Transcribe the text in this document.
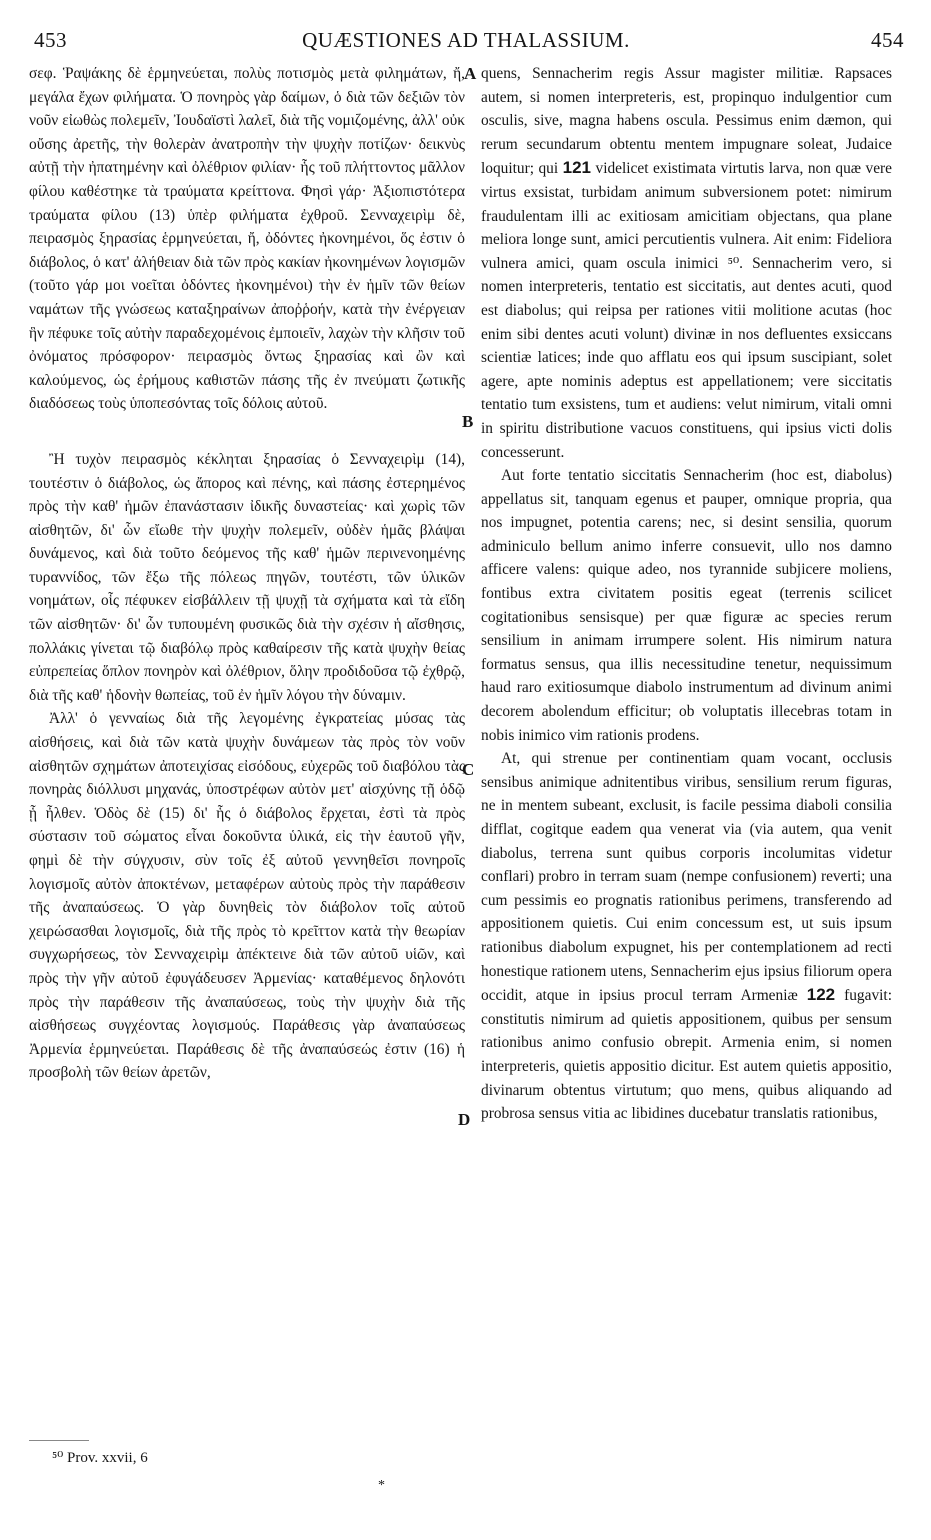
453	QUÆSTIONES AD THALASSIUM.	454

σεφ. Ῥαψάκης δὲ ἑρμηνεύεται, πολὺς ποτισμὸς μετὰ φιλημάτων, ἤ, μεγάλα ἔχων φιλήματα. Ὁ πονηρὸς γὰρ δαίμων, ὁ διὰ τῶν δεξιῶν τὸν νοῦν εἰωθὼς πολεμεῖν, Ἰουδαϊστὶ λαλεῖ, διὰ τῆς νομιζομένης, ἀλλ' οὐκ οὔσης ἀρετῆς, τὴν θολερὰν ἀνατροπὴν τὴν ψυχὴν ποτίζων· δεικνὺς αὐτῇ τὴν ἠπατημένην καὶ ὀλέθριον φιλίαν· ἧς τοῦ πλήττοντος μᾶλλον φίλου καθέστηκε τὰ τραύματα κρείττονα. Φησὶ γάρ· Ἀξιοπιστότερα τραύματα φίλου (13) ὑπὲρ φιλήματα ἐχθροῦ. Σενναχειρὶμ δὲ, πειρασμὸς ξηρασίας ἑρμηνεύεται, ἤ, ὀδόντες ἠκονημένοι, ὅς ἐστιν ὁ διάβολος, ὁ κατ' ἀλήθειαν διὰ τῶν πρὸς κακίαν ἠκονημένων λογισμῶν (τοῦτο γάρ μοι νοεῖται ὀδόντες ἠκονημένοι) τὴν ἐν ἡμῖν τῶν θείων ναμάτων τῆς γνώσεως καταξηραίνων ἀποῤῥοήν, κατὰ τὴν ἐνέργειαν ἣν πέφυκε τοῖς αὐτὴν παραδεχομένοις ἐμποιεῖν, λαχὼν τὴν κλῆσιν τοῦ ὀνόματος πρόσφορον· πειρασμὸς ὄντως ξηρασίας καὶ ὢν καὶ καλούμενος, ὡς ἐρήμους καθιστῶν πάσης τῆς ἐν πνεύματι ζωτικῆς διαδόσεως τοὺς ὑποπεσόντας τοῖς δόλοις αὐτοῦ.

Ἢ τυχὸν πειρασμὸς κέκληται ξηρασίας ὁ Σενναχειρὶμ (14), τουτέστιν ὁ διάβολος, ὡς ἄπορος καὶ πένης, καὶ πάσης ἐστερημένος πρὸς τὴν καθ' ἡμῶν ἐπανάστασιν ἰδικῆς δυναστείας· καὶ χωρὶς τῶν αἰσθητῶν, δι' ὧν εἴωθε τὴν ψυχὴν πολεμεῖν, οὐδὲν ἡμᾶς βλάψαι δυνάμενος, καὶ διὰ τοῦτο δεόμενος τῆς καθ' ἡμῶν περινενοημένης τυραννίδος, τῶν ἔξω τῆς πόλεως πηγῶν, τουτέστι, τῶν ὑλικῶν νοημάτων, οἷς πέφυκεν εἰσβάλλειν τῇ ψυχῇ τὰ σχήματα καὶ τὰ εἴδη τῶν αἰσθητῶν· δι' ὧν τυπουμένη φυσικῶς διὰ τὴν σχέσιν ἡ αἴσθησις, πολλάκις γίνεται τῷ διαβόλῳ πρὸς καθαίρεσιν τῆς κατὰ ψυχὴν θείας εὐπρεπείας ὅπλον πονηρὸν καὶ ὀλέθριον, ὅλην προδιδοῦσα τῷ ἐχθρῷ, διὰ τῆς καθ' ἡδονὴν θωπείας, τοῦ ἐν ἡμῖν λόγου τὴν δύναμιν.

Ἀλλ' ὁ γενναίως διὰ τῆς λεγομένης ἐγκρατείας μύσας τὰς αἰσθήσεις, καὶ διὰ τῶν κατὰ ψυχὴν δυνάμεων τὰς πρὸς τὸν νοῦν αἰσθητῶν σχημάτων ἀποτειχίσας εἰσόδους, εὐχερῶς τοῦ διαβόλου τὰς πονηρὰς διόλλυσι μηχανάς, ὑποστρέφων αὐτὸν μετ' αἰσχύνης τῇ ὁδῷ ᾗ ἦλθεν. Ὁδὸς δὲ (15) δι' ἧς ὁ διάβολος ἔρχεται, ἐστὶ τὰ πρὸς σύστασιν τοῦ σώματος εἶναι δοκοῦντα ὑλικά, εἰς τὴν ἑαυτοῦ γῆν, φημὶ δὲ τὴν σύγχυσιν, σὺν τοῖς ἐξ αὐτοῦ γεννηθεῖσι πονηροῖς λογισμοῖς αὐτὸν ἀποκτένων, μεταφέρων αὐτοὺς πρὸς τὴν παράθεσιν τῆς ἀναπαύσεως. Ὁ γὰρ δυνηθεὶς τὸν διάβολον τοῖς αὐτοῦ χειρώσασθαι λογισμοῖς, διὰ τῆς πρὸς τὸ κρεῖττον κατὰ τὴν θεωρίαν συγχωρήσεως, τὸν Σενναχειρὶμ ἀπέκτεινε διὰ τῶν αὐτοῦ υἱῶν, καὶ πρὸς τὴν γῆν αὐτοῦ ἐφυγάδευσεν Ἀρμενίας· καταθέμενος δηλονότι πρὸς τὴν παράθεσιν τῆς ἀναπαύσεως, τοὺς τὴν ψυχὴν διὰ τῆς αἰσθήσεως συγχέοντας λογισμούς. Παράθεσις γὰρ ἀναπαύσεως Ἀρμενία ἑρμηνεύεται. Παράθεσις δὲ τῆς ἀναπαύσεώς ἐστιν (16) ἡ προσβολὴ τῶν θείων ἀρετῶν,

A
B
C
D

quens, Sennacherim regis Assur magister militiæ. Rapsaces autem, si nomen interpreteris, est, propinquo indulgentior cum osculis, sive, magna habens oscula. Pessimus enim dæmon, qui rerum secundarum obtentu mentem impugnare soleat, Judaice loquitur; qui 121 videlicet existimata virtutis larva, non quæ vere virtus exsistat, turbidam animum subversionem potet: nimirum fraudulentam illi ac exitiosam amicitiam objectans, qua plane meliora longe sunt, amici percutientis vulnera. Ait enim: Fideliora vulnera amici, quam oscula inimici ⁵⁰. Sennacherim vero, si nomen interpreteris, tentatio est siccitatis, aut dentes acuti, quod est diabolus; qui reipsa per rationes vitii molitione acutas (hoc enim sibi dentes acuti volunt) divinæ in nos defluentes exsiccans scientiæ latices; inde quo afflatu eos qui ipsum suscipiant, solet agere, apte nominis adeptus est appellationem; vere siccitatis tentatio tum exsistens, tum et audiens: velut nimirum, vitali omni in spiritu distributione vacuos constituens, qui ipsius victi dolis concesserunt.

Aut forte tentatio siccitatis Sennacherim (hoc est, diabolus) appellatus sit, tanquam egenus et pauper, omnique propria, qua nos impugnet, potentia carens; nec, si desint sensilia, quorum adminiculo bellum animo inferre consuevit, ullo nos damno afficere valens: quique adeo, nos tyrannide subjicere moliens, fontibus extra civitatem positis egeat (terrenis scilicet cogitationibus sensisque) per quæ figuræ ac species rerum sensilium in animam irrumpere solent. His nimirum natura formatus sensus, qua illis necessitudine tenetur, nequissimum haud raro exitiosumque diabolo instrumentum ad divinum animi decorem abolendum efficitur; ob voluptatis illecebras totam in nobis inimico vim rationis prodens.

At, qui strenue per continentiam quam vocant, occlusis sensibus animique adnitentibus viribus, sensilium rerum figuras, ne in mentem subeant, exclusit, is facile pessima diaboli consilia difflat, cogitque eadem qua venerat via (via autem, qua venit diabolus, terrena sunt quibus corporis incolumitas videtur conflari) probro in terram suam (nempe confusionem) reverti; una cum pessimis eo prognatis rationibus perimens, transferendo ad appositionem quietis. Cui enim concessum est, ut suis ipsum rationibus diabolum expugnet, his per contemplationem ad recti honestique rationem utens, Sennacherim ejus ipsius filiorum opera occidit, atque in ipsius procul terram Armeniæ 122 fugavit: constitutis nimirum ad quietis appositionem, quibus per sensum rationibus animo confusio obrepit. Armenia enim, si nomen interpreteris, quietis appositio dicitur. Est autem quietis appositio, divinarum obtentus virtutum; quo mens, quibus aliquando ad probrosa sensus vitia ac libidines ducebatur translatis rationibus,

⁵⁰ Prov. xxvii, 6
*
